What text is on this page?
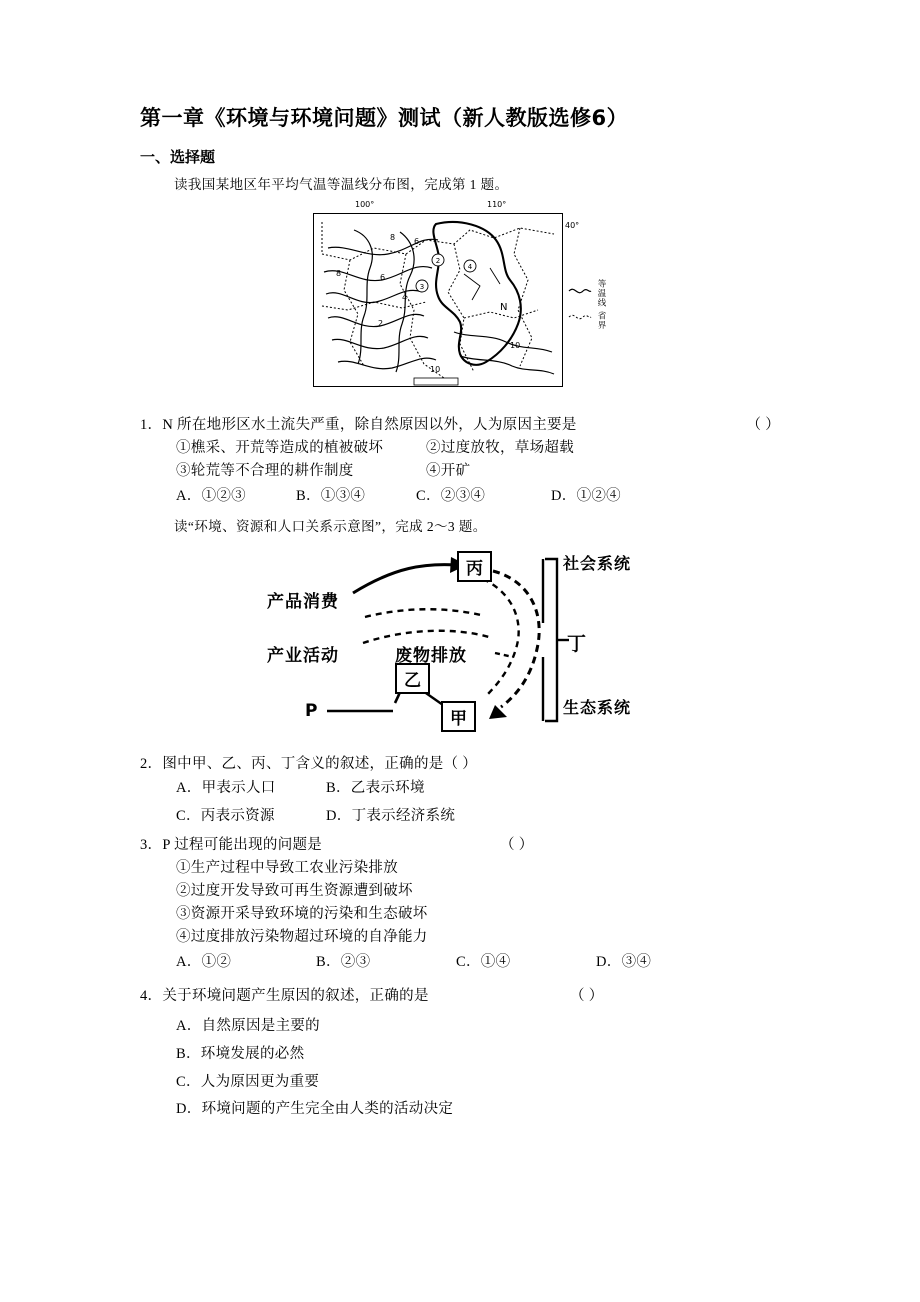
第一章《环境与环境问题》测试（新人教版选修6）
一、选择题
读我国某地区年平均气温等温线分布图，完成第 1 题。
100°	110°
40°
8 6
8	6
4
2
10
10
2
3
4
N	等温线
省界
1．N 所在地形区水土流失严重，除自然原因以外，人为原因主要是	（ ）
①樵采、开荒等造成的植被破坏	②过度放牧，草场超载
③轮荒等不合理的耕作制度	④开矿
A．①②③	B．①③④	C．②③④	D．①②④
读“环境、资源和人口关系示意图”，完成 2～3 题。
丙
乙
甲
产品消费
产业活动	废物排放
P
丁
社会系统
生态系统
2．图中甲、乙、丙、丁含义的叙述，正确的是（ ）
A．甲表示人口	B．乙表示环境
C．丙表示资源	D．丁表示经济系统
3．P 过程可能出现的问题是	（ ）
①生产过程中导致工农业污染排放
②过度开发导致可再生资源遭到破坏
③资源开采导致环境的污染和生态破坏
④过度排放污染物超过环境的自净能力
A．①②	B．②③	C．①④	D．③④
4．关于环境问题产生原因的叙述，正确的是	（ ）
A．自然原因是主要的
B．环境发展的必然
C．人为原因更为重要
D．环境问题的产生完全由人类的活动决定
